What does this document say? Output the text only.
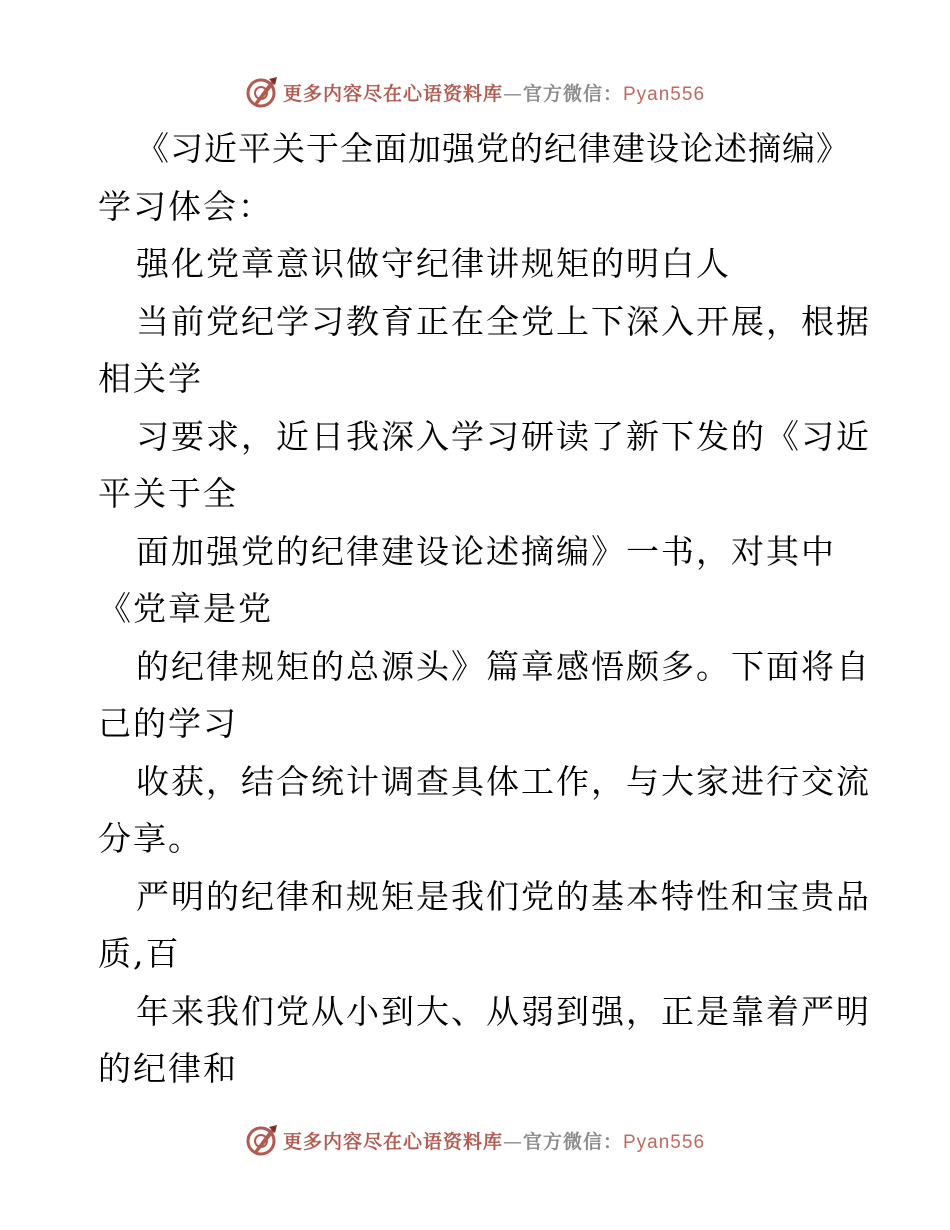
更多内容尽在心语资料库—官方微信：Pyan556
《习近平关于全面加强党的纪律建设论述摘编》
学习体会：
强化党章意识做守纪律讲规矩的明白人
当前党纪学习教育正在全党上下深入开展，根据
相关学
习要求，近日我深入学习研读了新下发的《习近
平关于全
面加强党的纪律建设论述摘编》一书，对其中
《党章是党
的纪律规矩的总源头》篇章感悟颇多。下面将自
己的学习
收获，结合统计调查具体工作，与大家进行交流
分享。
严明的纪律和规矩是我们党的基本特性和宝贵品
质,百
年来我们党从小到大、从弱到强，正是靠着严明
的纪律和
更多内容尽在心语资料库—官方微信：Pyan556
